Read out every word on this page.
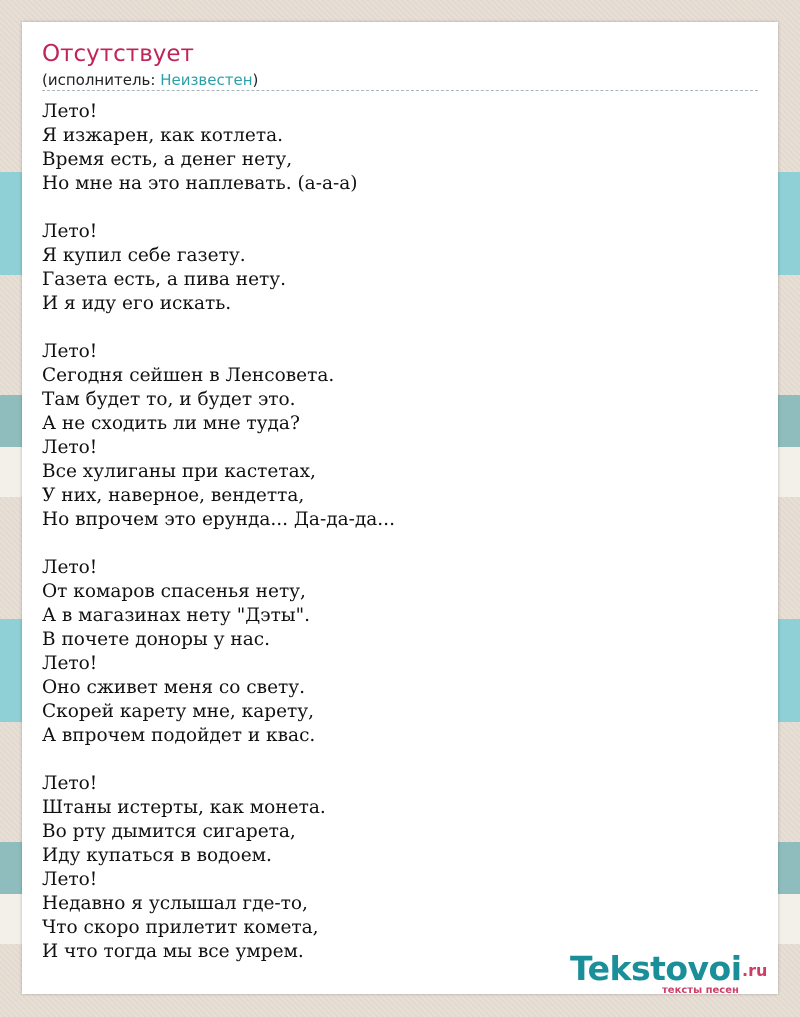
Отсутствует
(исполнитель: Неизвестен)
Лето!
Я изжарен, как котлета.
Время есть, а денег нету,
Но мне на это наплевать. (а-а-а)
Лето!
Я купил себе газету.
Газета есть, а пива нету.
И я иду его искать.
Лето!
Сегодня сейшен в Ленсовета.
Там будет то, и будет это.
А не сходить ли мне туда?
Лето!
Все хулиганы при кастетах,
У них, наверное, вендетта,
Но впрочем это ерунда... Да-да-да...
Лето!
От комаров спасенья нету,
А в магазинах нету "Дэты".
В почете доноры у нас.
Лето!
Оно сживет меня со свету.
Скорей карету мне, карету,
А впрочем подойдет и квас.
Лето!
Штаны истерты, как монета.
Во рту дымится сигарета,
Иду купаться в водоем.
Лето!
Недавно я услышал где-то,
Что скоро прилетит комета,
И что тогда мы все умрем.	Tekstovoi .ru
тексты песен
